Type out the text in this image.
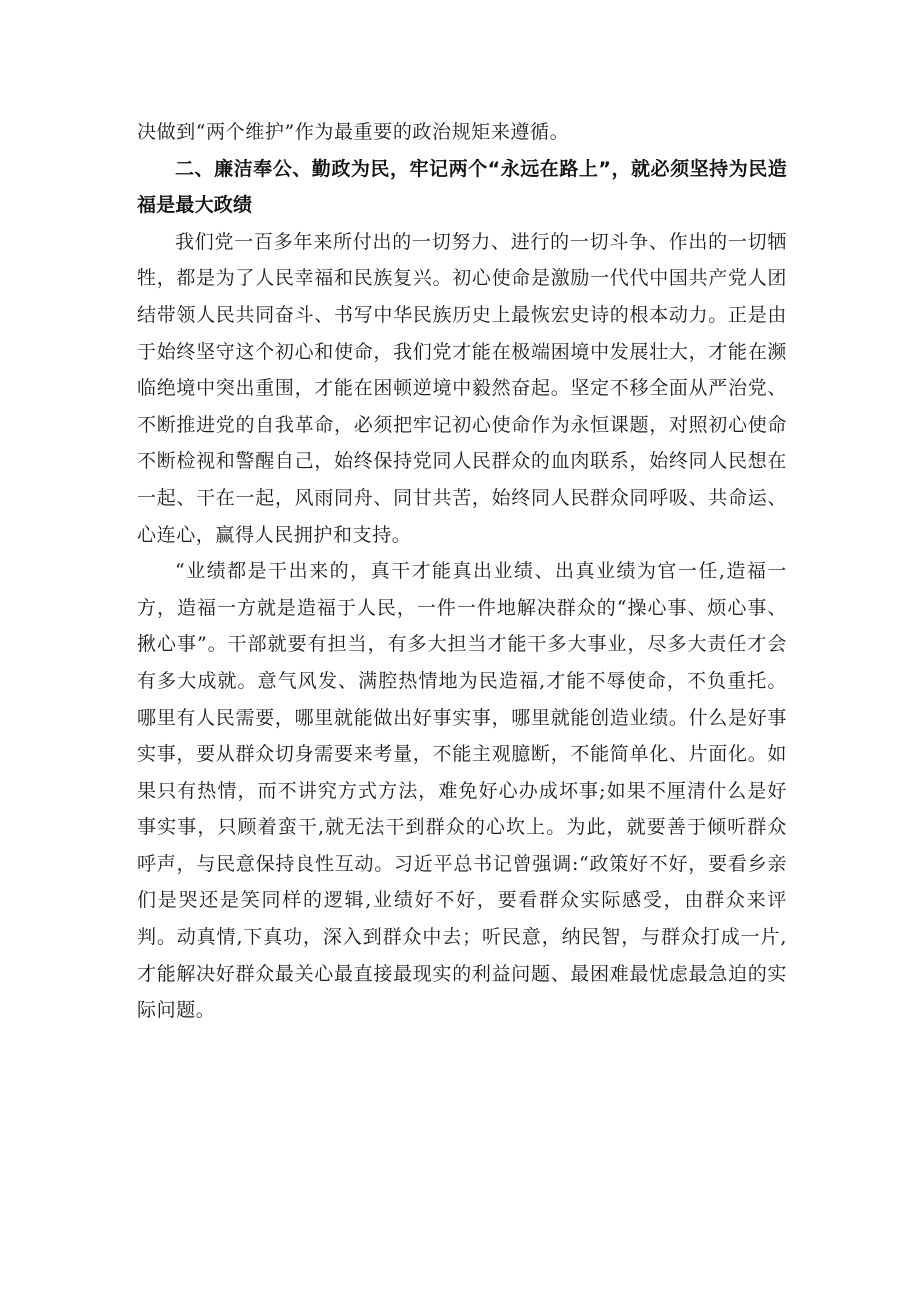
决做到“两个维护”作为最重要的政治规矩来遵循。

二、廉洁奉公、勤政为民，牢记两个“永远在路上”，就必须坚持为民造福是最大政绩

我们党一百多年来所付出的一切努力、进行的一切斗争、作出的一切牺牲，都是为了人民幸福和民族复兴。初心使命是激励一代代中国共产党人团结带领人民共同奋斗、书写中华民族历史上最恢宏史诗的根本动力。正是由于始终坚守这个初心和使命，我们党才能在极端困境中发展壮大，才能在濒临绝境中突出重围，才能在困顿逆境中毅然奋起。坚定不移全面从严治党、不断推进党的自我革命，必须把牢记初心使命作为永恒课题，对照初心使命不断检视和警醒自己，始终保持党同人民群众的血肉联系，始终同人民想在一起、干在一起，风雨同舟、同甘共苦，始终同人民群众同呼吸、共命运、心连心，赢得人民拥护和支持。

“业绩都是干出来的，真干才能真出业绩、出真业绩为官一任,造福一方，造福一方就是造福于人民，一件一件地解决群众的“操心事、烦心事、揪心事”。干部就要有担当，有多大担当才能干多大事业，尽多大责任才会有多大成就。意气风发、满腔热情地为民造福,才能不辱使命，不负重托。哪里有人民需要，哪里就能做出好事实事，哪里就能创造业绩。什么是好事实事，要从群众切身需要来考量，不能主观臆断，不能简单化、片面化。如果只有热情，而不讲究方式方法，难免好心办成坏事;如果不厘清什么是好事实事，只顾着蛮干,就无法干到群众的心坎上。为此，就要善于倾听群众呼声，与民意保持良性互动。习近平总书记曾强调:“政策好不好，要看乡亲们是哭还是笑同样的逻辑,业绩好不好，要看群众实际感受，由群众来评判。动真情,下真功，深入到群众中去；听民意，纳民智，与群众打成一片,才能解决好群众最关心最直接最现实的利益问题、最困难最忧虑最急迫的实际问题。
